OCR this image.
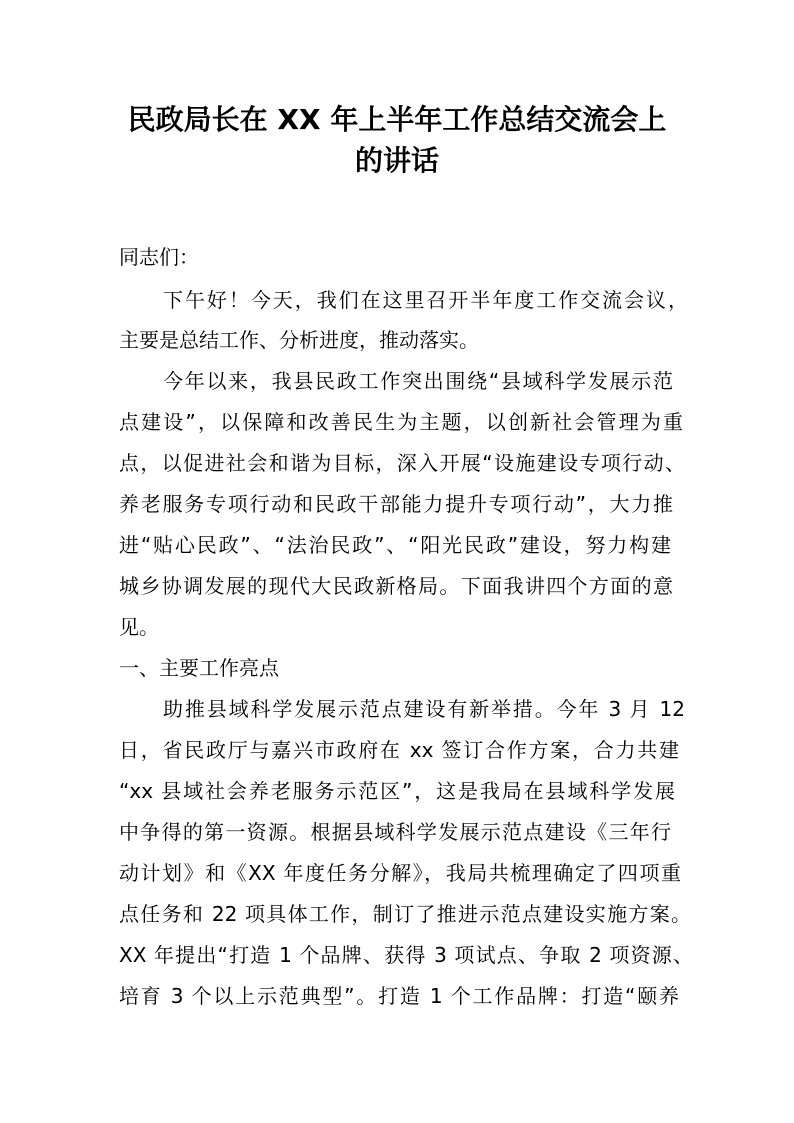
民政局长在 XX 年上半年工作总结交流会上
的讲话

同志们：

下午好！今天，我们在这里召开半年度工作交流会议，

主要是总结工作、分析进度，推动落实。

今年以来，我县民政工作突出围绕“县域科学发展示范

点建设”，以保障和改善民生为主题，以创新社会管理为重

点，以促进社会和谐为目标，深入开展“设施建设专项行动、

养老服务专项行动和民政干部能力提升专项行动”，大力推

进“贴心民政”、“法治民政”、“阳光民政”建设，努力构建

城乡协调发展的现代大民政新格局。下面我讲四个方面的意

见。

一、主要工作亮点

助推县域科学发展示范点建设有新举措。今年 3 月 12

日，省民政厅与嘉兴市政府在 xx 签订合作方案，合力共建

“xx 县域社会养老服务示范区”，这是我局在县域科学发展

中争得的第一资源。根据县域科学发展示范点建设《三年行

动计划》和《XX 年度任务分解》，我局共梳理确定了四项重

点任务和 22 项具体工作，制订了推进示范点建设实施方案。

XX 年提出“打造 1 个品牌、获得 3 项试点、争取 2 项资源、

培育 3 个以上示范典型”。打造 1 个工作品牌：打造“颐养
